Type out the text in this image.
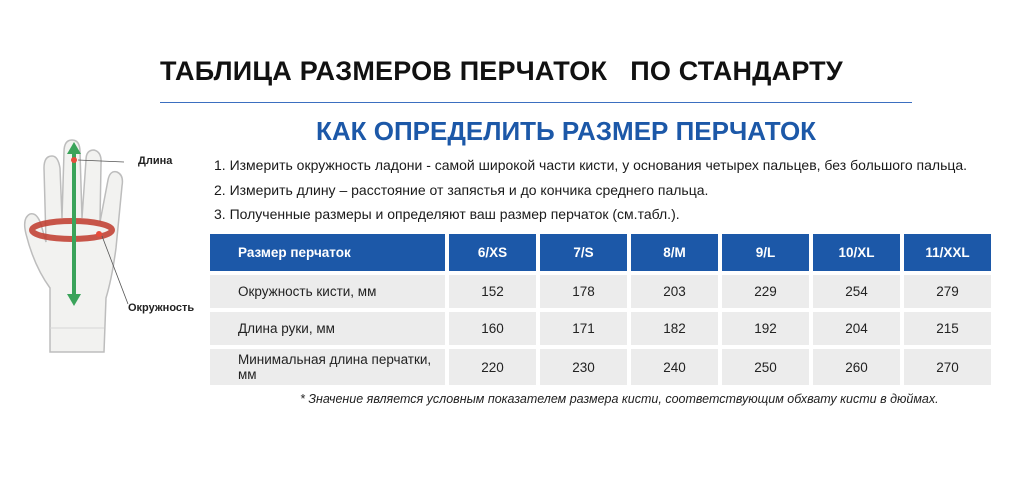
ТАБЛИЦА РАЗМЕРОВ ПЕРЧАТОК   ПО СТАНДАРТУ
КАК ОПРЕДЕЛИТЬ РАЗМЕР ПЕРЧАТОК
1. Измерить окружность ладони - самой широкой части кисти, у основания четырех пальцев, без большого пальца.
2. Измерить длину – расстояние от запястья и до кончика среднего пальца.
3. Полученные размеры и определяют ваш размер перчаток (см.табл.).
Длина
Окружность
Размер перчаток	6/XS	7/S	8/M	9/L	10/XL	11/XXL
Окружность кисти, мм	152	178	203	229	254	279
Длина руки, мм	160	171	182	192	204	215
Минимальная длина перчатки, мм	220	230	240	250	260	270
* Значение является условным показателем размера кисти, соответствующим обхвату кисти в дюймах.
